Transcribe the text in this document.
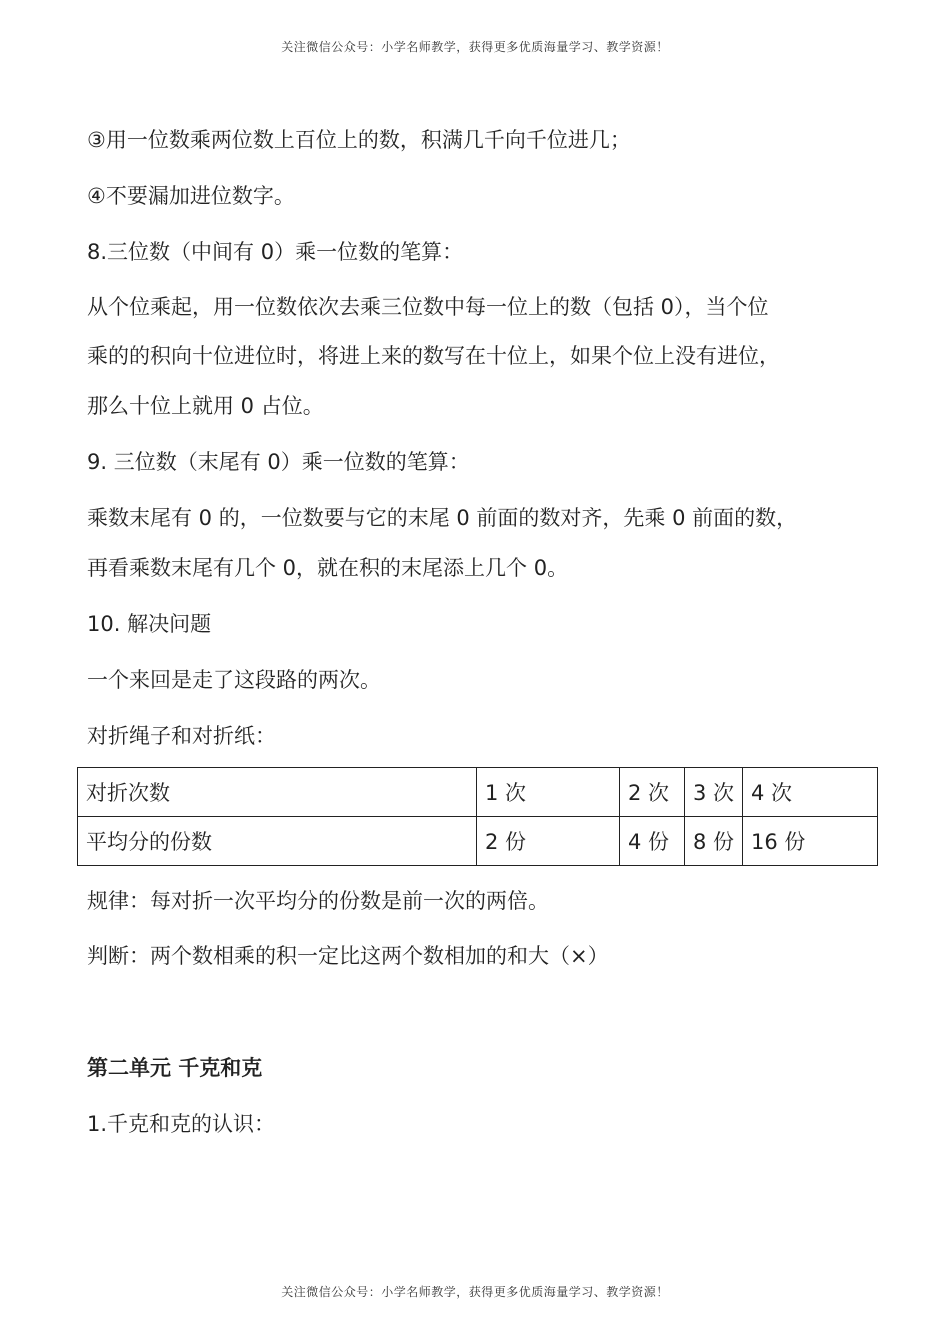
关注微信公众号：小学名师教学，获得更多优质海量学习、教学资源！
③用一位数乘两位数上百位上的数，积满几千向千位进几；
④不要漏加进位数字。
8.三位数（中间有 0）乘一位数的笔算：
从个位乘起，用一位数依次去乘三位数中每一位上的数（包括 0），当个位
乘的的积向十位进位时，将进上来的数写在十位上，如果个位上没有进位，
那么十位上就用 0 占位。
9. 三位数（末尾有 0）乘一位数的笔算：
乘数末尾有 0 的，一位数要与它的末尾 0 前面的数对齐，先乘 0 前面的数，
再看乘数末尾有几个 0，就在积的末尾添上几个 0。
10. 解决问题
一个来回是走了这段路的两次。
对折绳子和对折纸：
对折次数	1 次	2 次	3 次	4 次
平均分的份数	2 份	4 份	8 份	16 份
规律：每对折一次平均分的份数是前一次的两倍。
判断：两个数相乘的积一定比这两个数相加的和大（×）
第二单元 千克和克
1.千克和克的认识：
关注微信公众号：小学名师教学，获得更多优质海量学习、教学资源！
